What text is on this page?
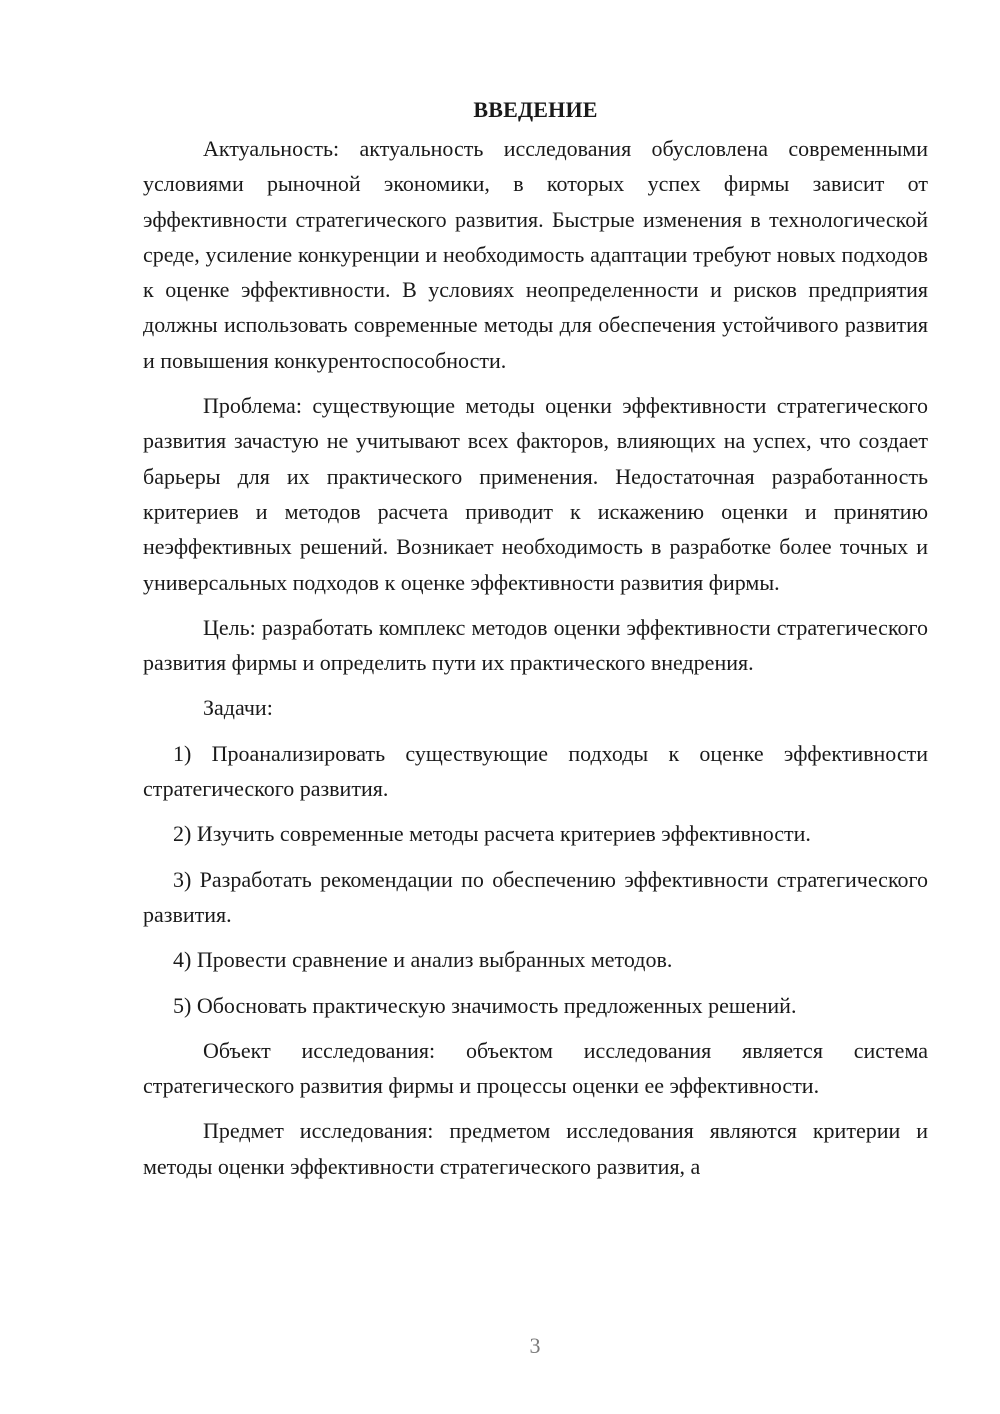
ВВЕДЕНИЕ

Актуальность: актуальность исследования обусловлена современными условиями рыночной экономики, в которых успех фирмы зависит от эффективности стратегического развития. Быстрые изменения в технологической среде, усиление конкуренции и необходимость адаптации требуют новых подходов к оценке эффективности. В условиях неопределенности и рисков предприятия должны использовать современные методы для обеспечения устойчивого развития и повышения конкурентоспособности.

Проблема: существующие методы оценки эффективности стратегического развития зачастую не учитывают всех факторов, влияющих на успех, что создает барьеры для их практического применения. Недостаточная разработанность критериев и методов расчета приводит к искажению оценки и принятию неэффективных решений. Возникает необходимость в разработке более точных и универсальных подходов к оценке эффективности развития фирмы.

Цель: разработать комплекс методов оценки эффективности стратегического развития фирмы и определить пути их практического внедрения.

Задачи:

1) Проанализировать существующие подходы к оценке эффективности стратегического развития.

2) Изучить современные методы расчета критериев эффективности.

3) Разработать рекомендации по обеспечению эффективности стратегического развития.

4) Провести сравнение и анализ выбранных методов.

5) Обосновать практическую значимость предложенных решений.

Объект исследования: объектом исследования является система стратегического развития фирмы и процессы оценки ее эффективности.

Предмет исследования: предметом исследования являются критерии и методы оценки эффективности стратегического развития, а

3
